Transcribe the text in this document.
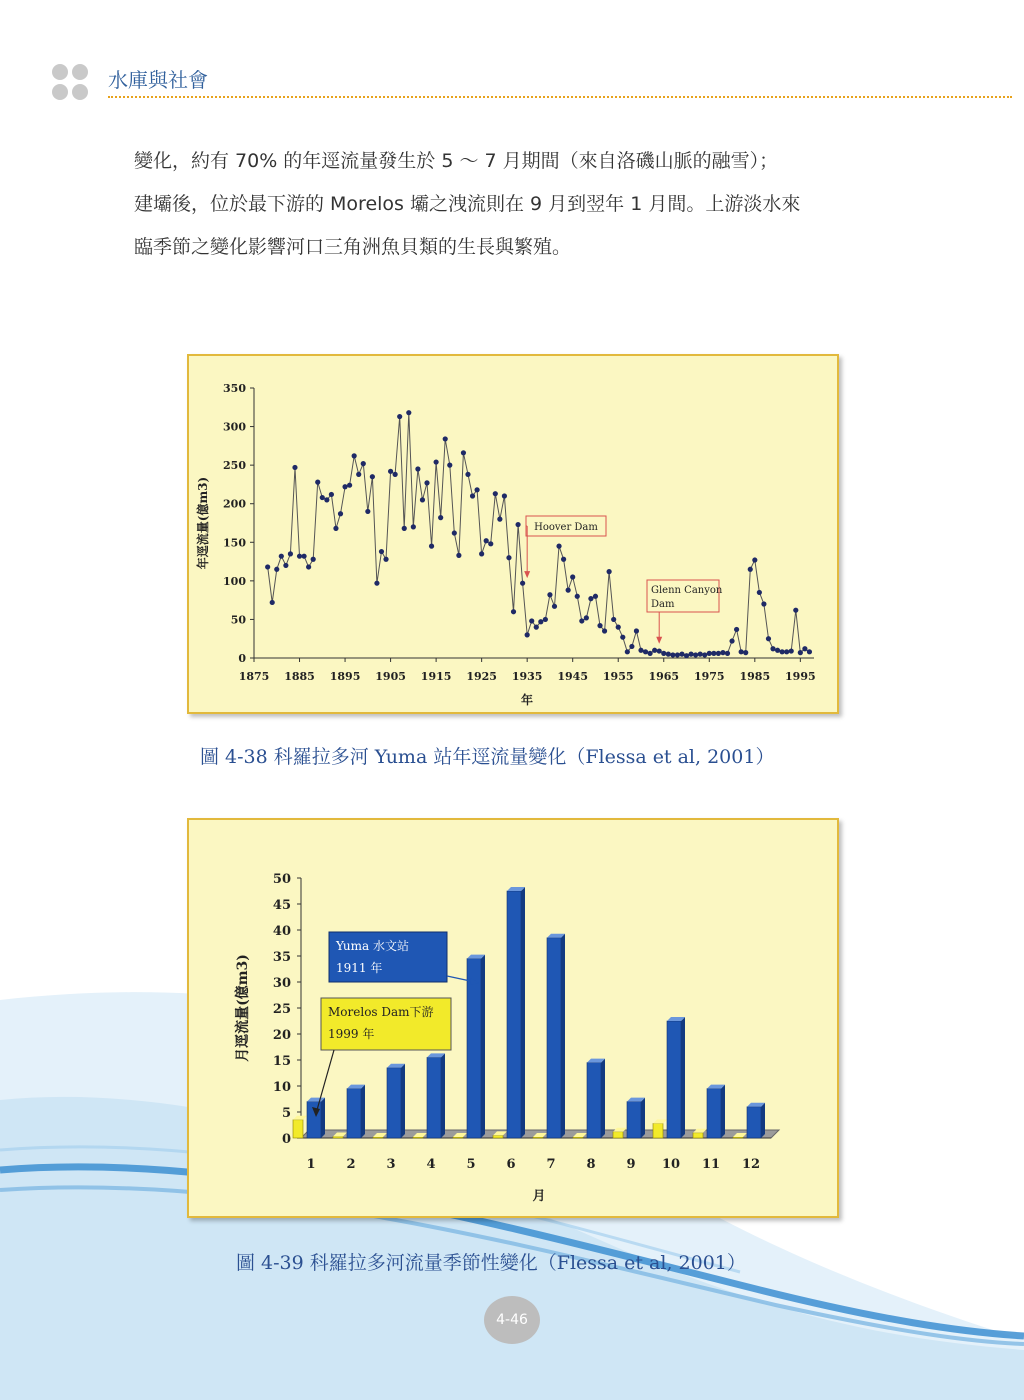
水庫與社會

變化，約有 70% 的年逕流量發生於 5 ～ 7 月期間（來自洛磯山脈的融雪）；

建壩後，位於最下游的 Morelos 壩之洩流則在 9 月到翌年 1 月間。上游淡水來

臨季節之變化影響河口三角洲魚貝類的生長與繁殖。

0
50
100
150
200
250
300
350
1875 1885 1895 1905 1915 1925 1935 1945 1955 1965 1975 1985 1995
年
年逕流量(億m3)	Hoover Dam
Glenn Canyon
Dam
圖 4-38 科羅拉多河 Yuma 站年逕流量變化（Flessa et al, 2001）
0
5
10
15
20
25
30
35
40
45
50
1 2 3 4 5 6 7 8 9 10 11 12
月
月逕流量(億m3)
Yuma 水文站
1911 年
Morelos Dam下游
1999 年
圖 4-39 科羅拉多河流量季節性變化（Flessa et al, 2001）
4-46
